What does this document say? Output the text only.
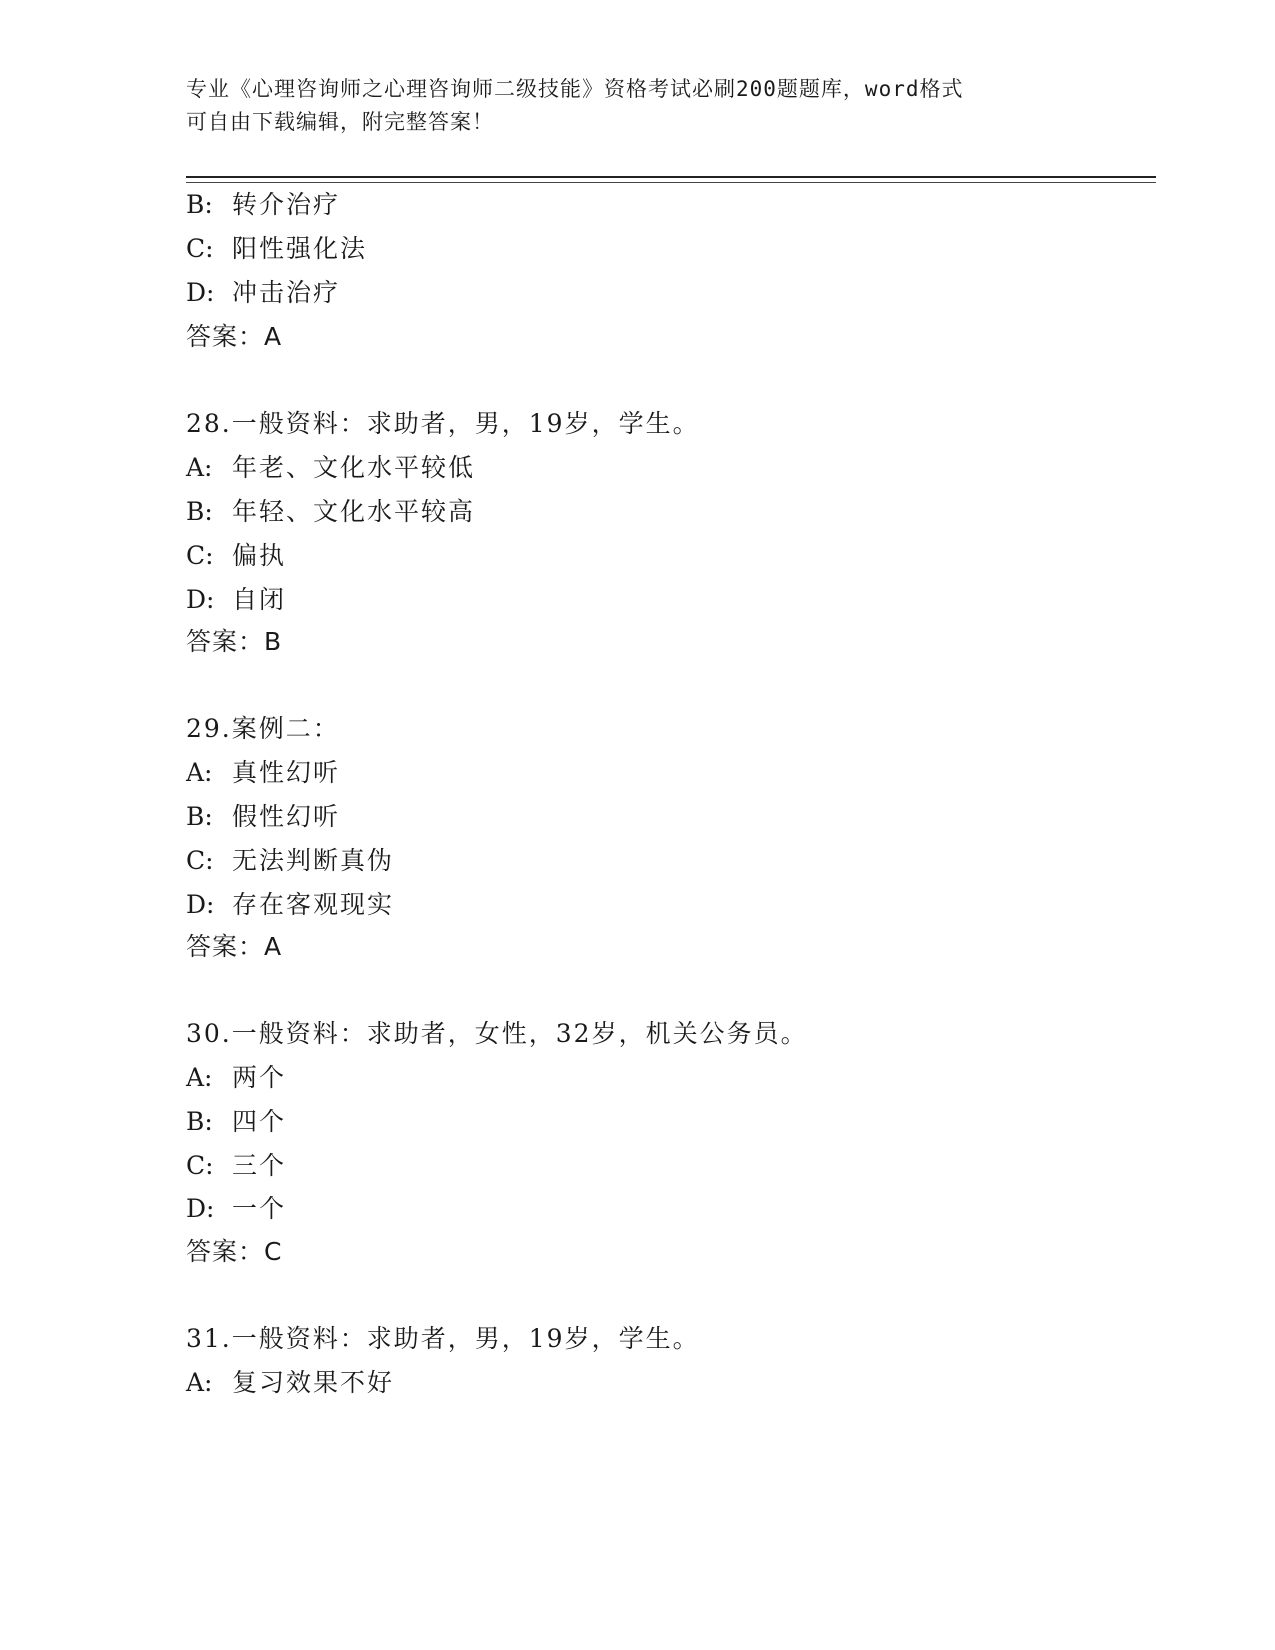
专业《心理咨询师之心理咨询师二级技能》资格考试必刷200题题库，word格式
可自由下载编辑，附完整答案！
B: 转介治疗
C: 阳性强化法
D: 冲击治疗
答案：A
28.一般资料：求助者，男，19岁，学生。
A: 年老、文化水平较低
B: 年轻、文化水平较高
C: 偏执
D: 自闭
答案：B
29.案例二：
A: 真性幻听
B: 假性幻听
C: 无法判断真伪
D: 存在客观现实
答案：A
30.一般资料：求助者，女性，32岁，机关公务员。
A: 两个
B: 四个
C: 三个
D: 一个
答案：C
31.一般资料：求助者，男，19岁，学生。
A: 复习效果不好
